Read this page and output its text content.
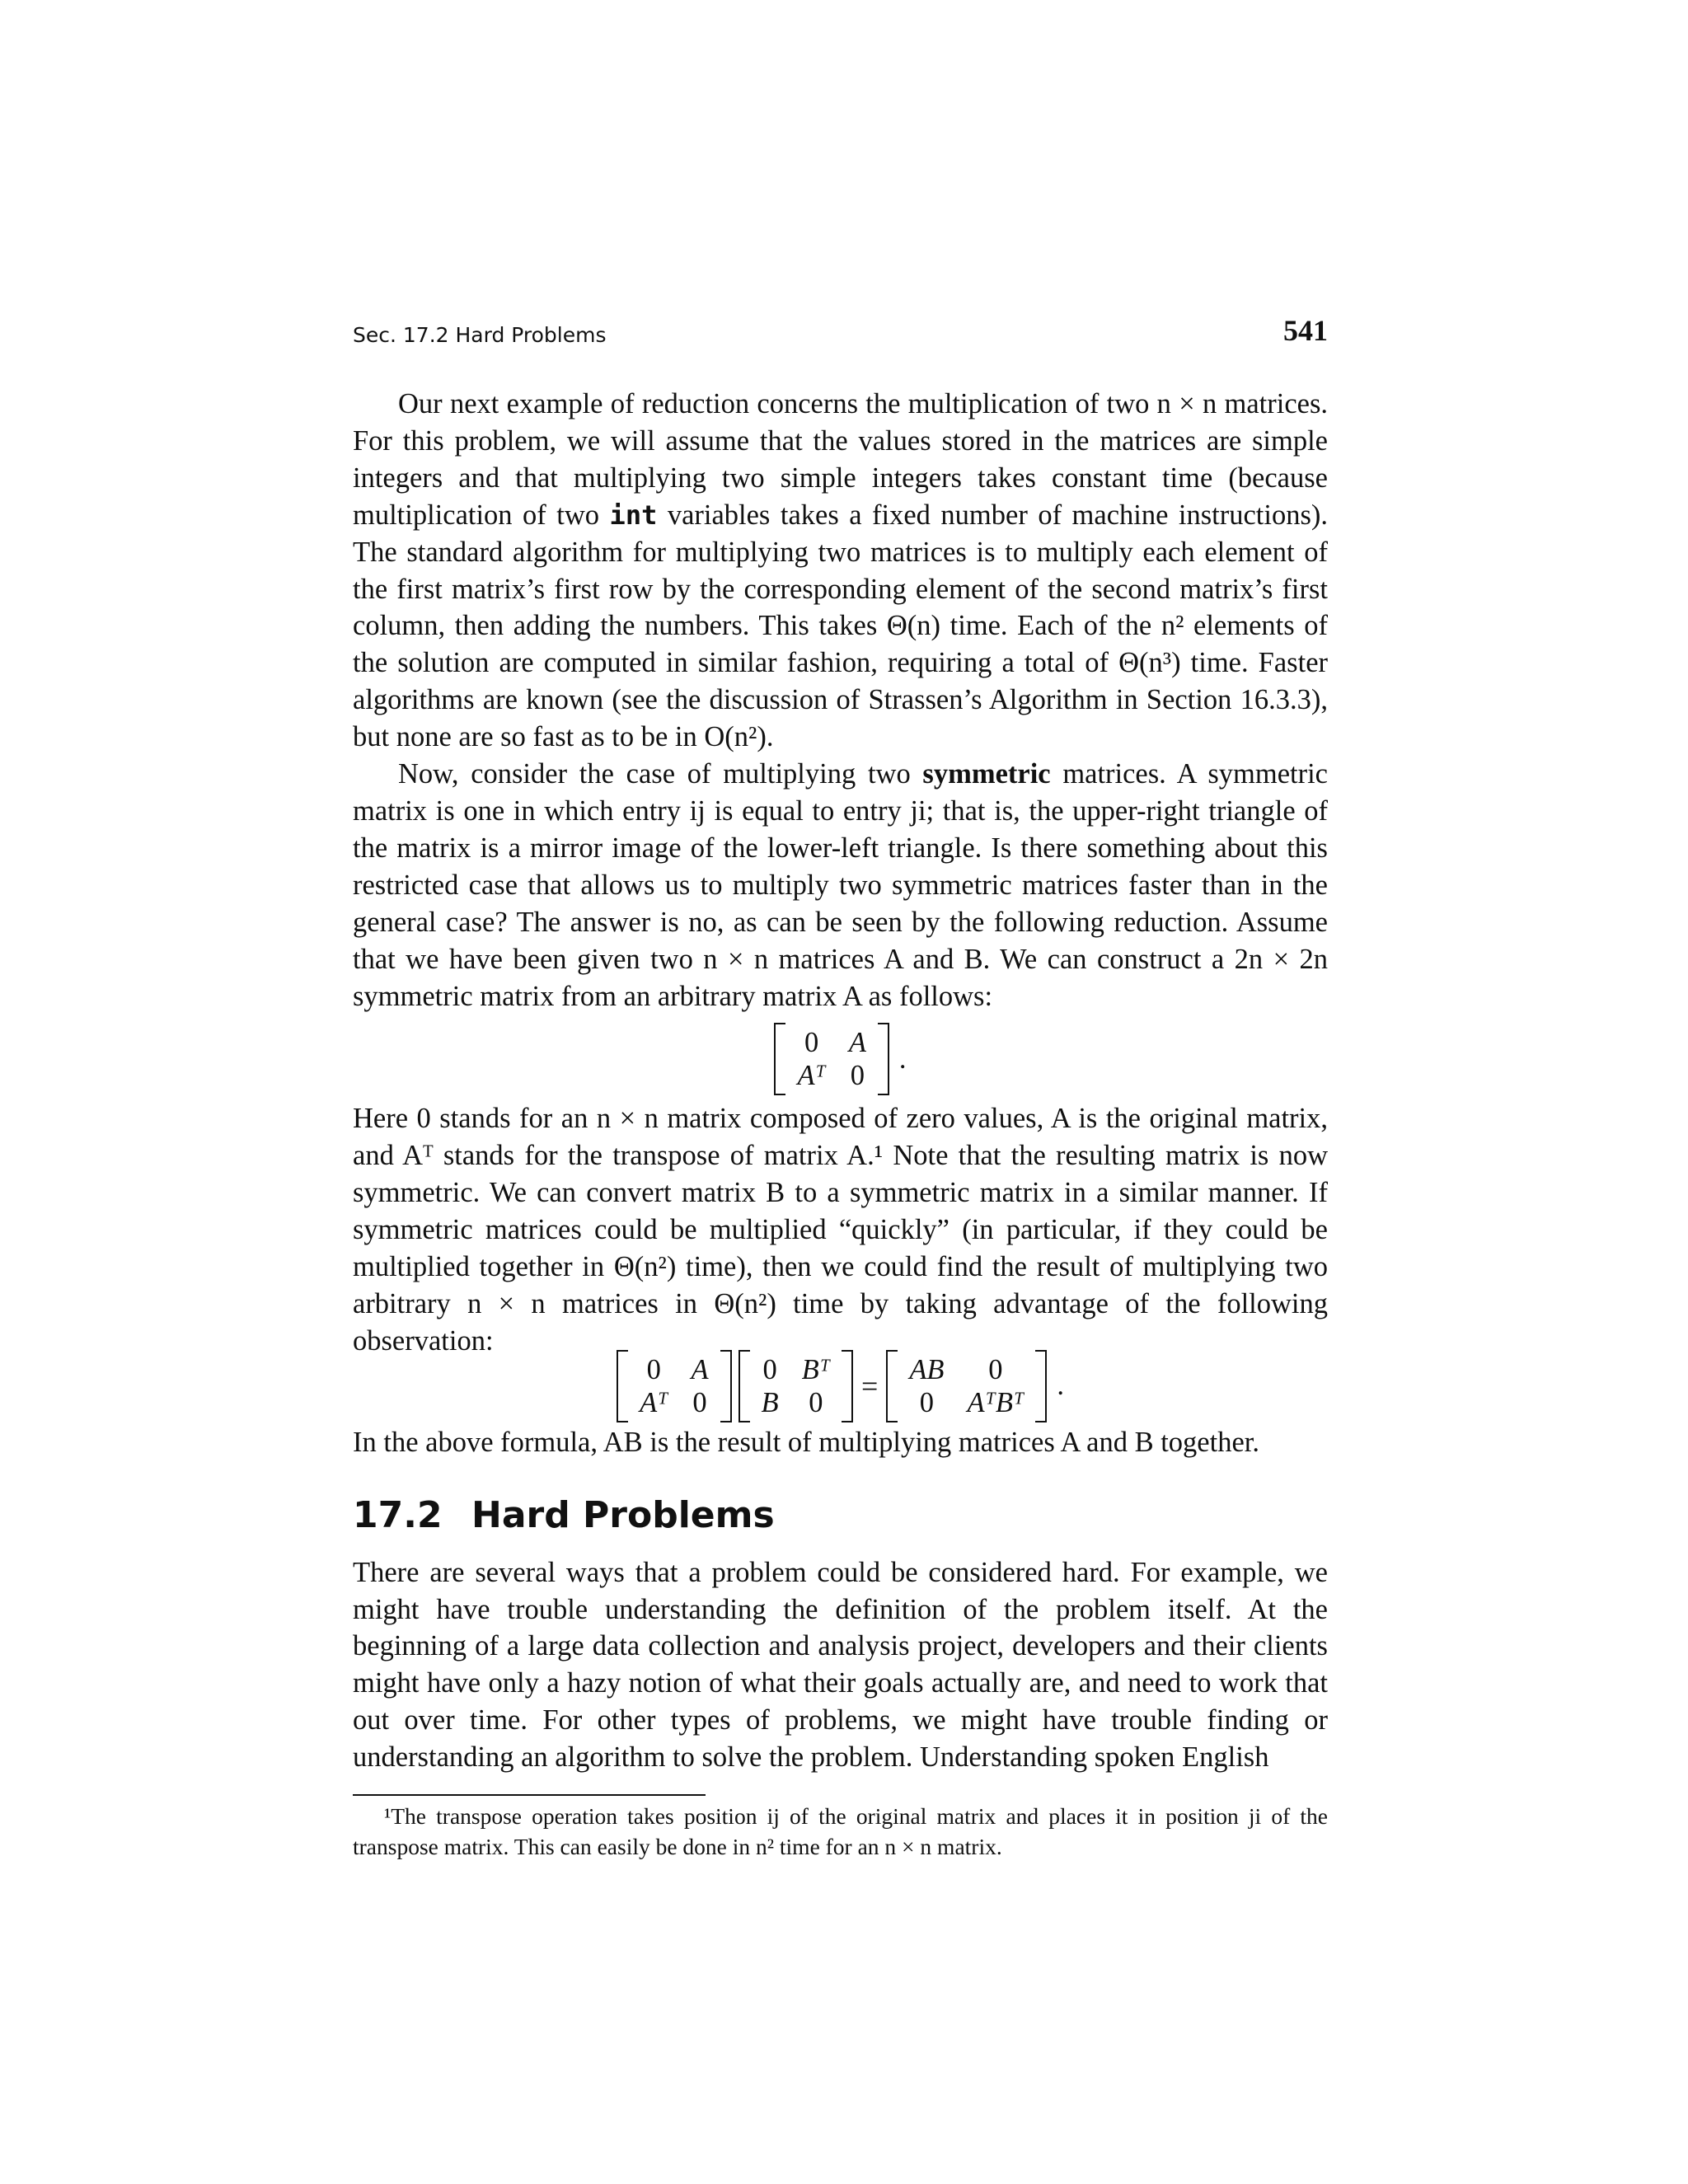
Sec. 17.2 Hard Problems	541

Our next example of reduction concerns the multiplication of two n × n matrices. For this problem, we will assume that the values stored in the matrices are simple integers and that multiplying two simple integers takes constant time (because multiplication of two int variables takes a fixed number of machine instructions). The standard algorithm for multiplying two matrices is to multiply each element of the first matrix’s first row by the corresponding element of the second matrix’s first column, then adding the numbers. This takes Θ(n) time. Each of the n² elements of the solution are computed in similar fashion, requiring a total of Θ(n³) time. Faster algorithms are known (see the discussion of Strassen’s Algorithm in Section 16.3.3), but none are so fast as to be in O(n²).

Now, consider the case of multiplying two symmetric matrices. A symmetric matrix is one in which entry ij is equal to entry ji; that is, the upper-right triangle of the matrix is a mirror image of the lower-left triangle. Is there something about this restricted case that allows us to multiply two symmetric matrices faster than in the general case? The answer is no, as can be seen by the following reduction. Assume that we have been given two n × n matrices A and B. We can construct a 2n × 2n symmetric matrix from an arbitrary matrix A as follows:

0 A
Aᵀ 0
.

Here 0 stands for an n × n matrix composed of zero values, A is the original matrix, and Aᵀ stands for the transpose of matrix A.¹ Note that the resulting matrix is now symmetric. We can convert matrix B to a symmetric matrix in a similar manner. If symmetric matrices could be multiplied “quickly” (in particular, if they could be multiplied together in Θ(n²) time), then we could find the result of multiplying two arbitrary n × n matrices in Θ(n²) time by taking advantage of the following observation:

0 A
Aᵀ 0
0 Bᵀ
B 0 = AB	0
0	AᵀBᵀ
.

In the above formula, AB is the result of multiplying matrices A and B together.

17.2 Hard Problems

There are several ways that a problem could be considered hard. For example, we might have trouble understanding the definition of the problem itself. At the beginning of a large data collection and analysis project, developers and their clients might have only a hazy notion of what their goals actually are, and need to work that out over time. For other types of problems, we might have trouble finding or understanding an algorithm to solve the problem. Understanding spoken English

¹The transpose operation takes position ij of the original matrix and places it in position ji of the transpose matrix. This can easily be done in n² time for an n × n matrix.
